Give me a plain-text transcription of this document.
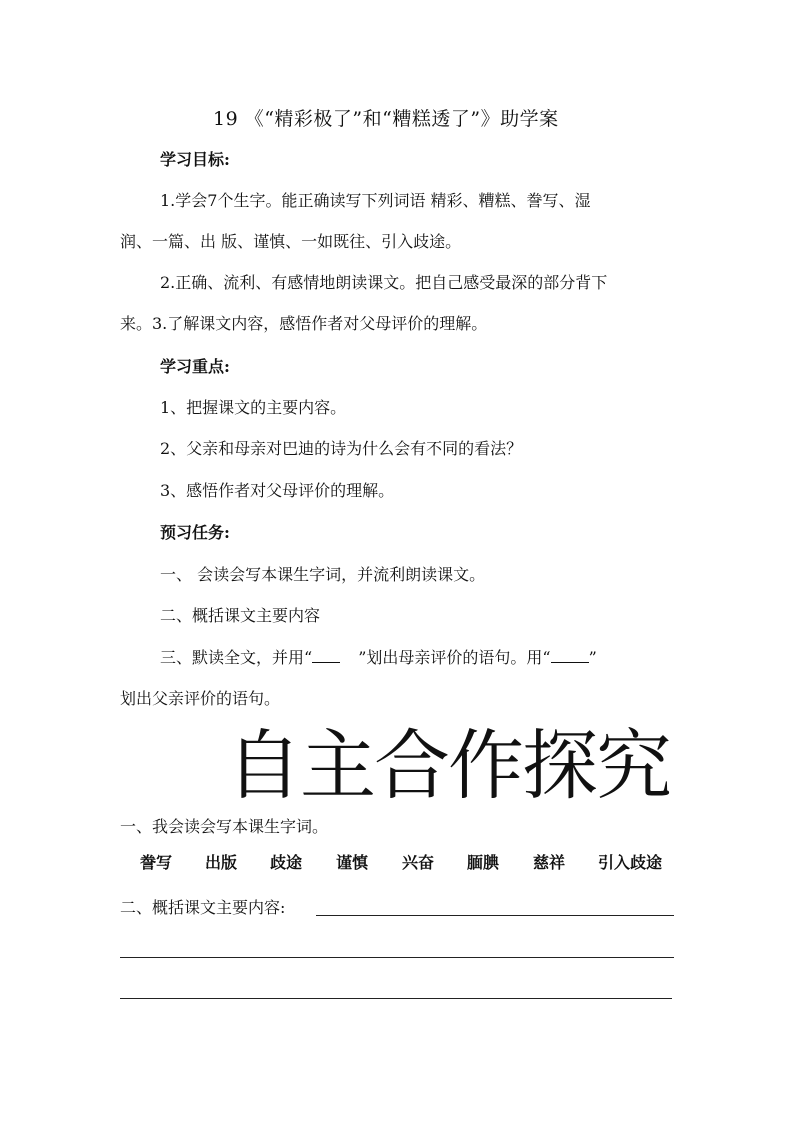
19 《“精彩极了”和“糟糕透了”》助学案
学习目标:
1.学会7个生字。能正确读写下列词语 精彩、糟糕、誊写、湿
润、一篇、出 版、谨慎、一如既往、引入歧途。
2.正确、流利、有感情地朗读课文。把自己感受最深的部分背下
来。3.了解课文内容，感悟作者对父母评价的理解。
学习重点:
1、把握课文的主要内容。
2、父亲和母亲对巴迪的诗为什么会有不同的看法？
3、感悟作者对父母评价的理解。
预习任务:
一、 会读会写本课生字词，并流利朗读课文。
二、概括课文主要内容
三、默读全文，并用“	”划出母亲评价的语句。用“ ”
划出父亲评价的语句。
自主合作探究
一、我会读会写本课生字词。
誊写 出版 歧途 谨慎 兴奋 腼腆 慈祥 引入歧途
二、概括课文主要内容:
